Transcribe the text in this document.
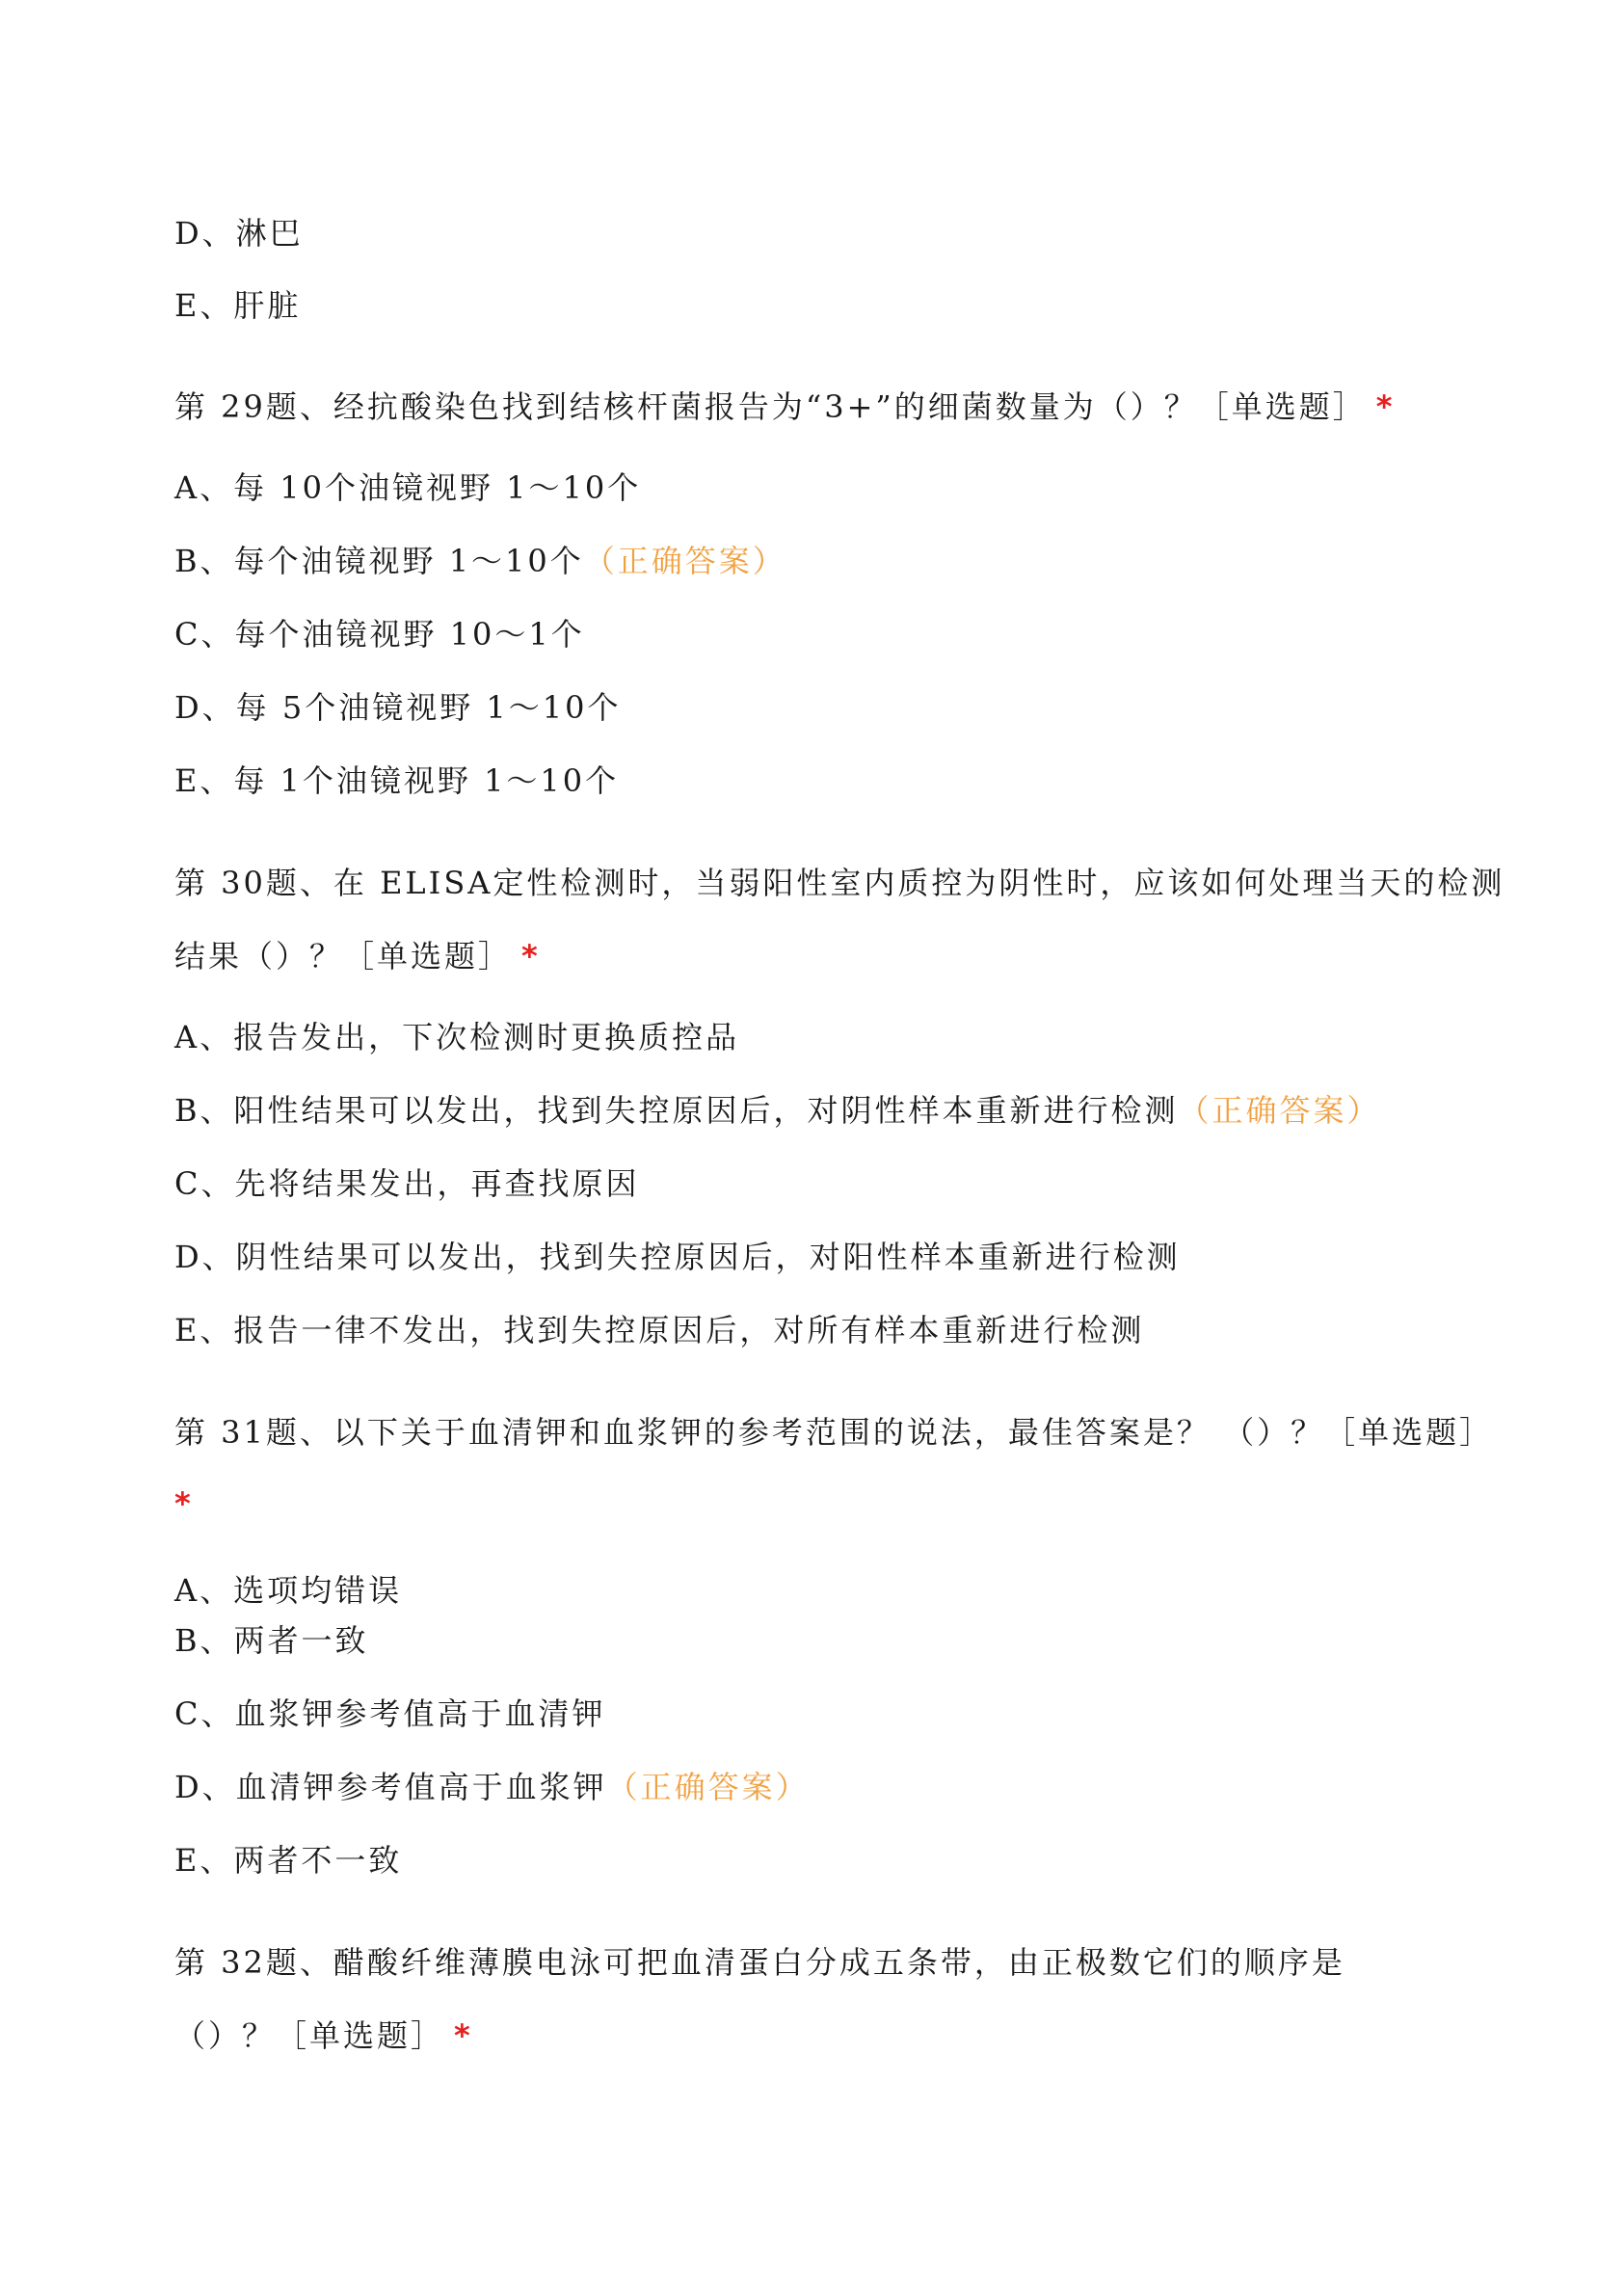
D、淋巴
E、肝脏
第 29题、经抗酸染色找到结核杆菌报告为“3+”的细菌数量为（）？［单选题］ *
A、每 10个油镜视野 1～10个
B、每个油镜视野 1～10个（正确答案）
C、每个油镜视野 10～1个
D、每 5个油镜视野 1～10个
E、每 1个油镜视野 1～10个
第 30题、在 ELISA定性检测时，当弱阳性室内质控为阴性时，应该如何处理当天的检测
结果（）？［单选题］ *
A、报告发出，下次检测时更换质控品
B、阳性结果可以发出，找到失控原因后，对阴性样本重新进行检测（正确答案）
C、先将结果发出，再查找原因
D、阴性结果可以发出，找到失控原因后，对阳性样本重新进行检测
E、报告一律不发出，找到失控原因后，对所有样本重新进行检测
第 31题、以下关于血清钾和血浆钾的参考范围的说法，最佳答案是？ （）？［单选题］
*
A、选项均错误
B、两者一致
C、血浆钾参考值高于血清钾
D、血清钾参考值高于血浆钾（正确答案）
E、两者不一致
第 32题、醋酸纤维薄膜电泳可把血清蛋白分成五条带，由正极数它们的顺序是
（）？［单选题］ *
